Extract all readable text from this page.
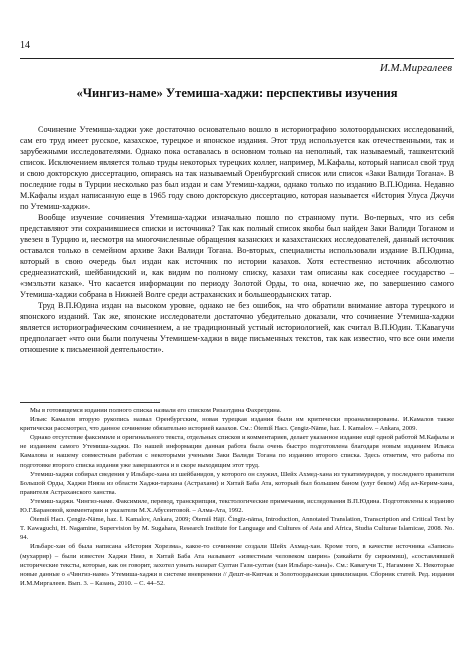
14
И.М.Миргалеев
«Чингиз-наме» Утемиша-хаджи: перспективы изучения

Сочинение Утемиша-хаджи уже достаточно основательно вошло в историографию золотоордынских исследований, сам его труд имеет русское, казахское, турецкое и японское издания. Этот труд используется как отечественными, так и зарубежными исследователями. Однако пока оставалась в основном только на неполный, так называемый, ташкентский список. Исключением является только труды некоторых турецких коллег, например, М.Кафалы, который написал свой труд и свою докторскую диссертацию, опираясь на так называемый Оренбургский список или список «Заки Валиди Тогана». В последние годы в Турции несколько раз был издан и сам Утемиш-хаджи, однако только по изданию В.П.Юдина. Недавно М.Кафалы издал написанную еще в 1965 году свою докторскую диссертацию, которая называется «История Улуса Джучи по Утемиш-хаджи».

Вообще изучение сочинения Утемиша-хаджи изначально пошло по странному пути. Во-первых, что из себя представляют эти сохранившиеся списки и источника? Так как полный список якобы был найден Заки Валиди Тоганом и увезен в Турцию и, несмотря на многочисленные обращения казанских и казахстанских исследователей, данный источник оставался только в семейном архиве Заки Валиди Тогана. Во-вторых, специалисты использовали издание В.П.Юдина, который в свою очередь был издан как источник по истории казахов. Хотя естественно источник абсолютно среднеазиатский, шейбанидский и, как видим по полному списку, казахи там описаны как соседнее государство – «эмэльэти казак». Что касается информации по периоду Золотой Орды, то она, конечно же, по завершению самого Утемиша-хаджи собрана в Нижней Волге среди астраханских и большеордынских татар.

Труд В.П.Юдина издан на высоком уровне, однако не без ошибок, на что обратили внимание автора турецкого и японского изданий. Так же, японские исследователи достаточно убедительно доказали, что сочинение Утемиша-хаджи является историографическим сочинением, а не традиционный устный историологией, как считал В.П.Юдин. Т.Кавагучи предполагает «что они были получены Утемишем-хаджи в виде письменных текстов, так как известно, что все они имели отношение к письменной деятельности».

Мы в готовящемся издании полного списка назвали его списком Ризаэтдина Фахретдина.

Ильяс Камалов вторую рукопись назвал Оренбургским, новая турецкая издания были им критически проанализированы. И.Камалов также критически рассмотрел, что данное сочинение обязательно историей казахов. См.: Ötemiš Hacı. Çengiz-Nāme, haz. İ. Kamalov. – Ankara, 2009.

Однако отсутствие факсимиле и оригинального текста, отдельных списков и комментариев, делает указанное издание ещё одной работой М.Кафалы и не изданием самого Утемиша-хаджи. По нашей информации данная работа была очень быстро подготовлена благодаря новым изданием Ильяса Камалова и нашему совместным работам с некоторыми учеными Заки Валиди Тогана по изданию второго списка. Здесь отметим, что работы по подготовке второго списка издания уже завершаются и в скоре выходящим этот труд.

Утемиш-хаджи собирал сведения у Ильбарс-хана из шейбанидов, у которого он служил, Шейх Ахмед-хана из тукатимуридов, у последнего правителя Большой Орды, Хаджи Нияза из области Хаджи-тархана (Астрахани) и Хитай Баба Ата, который был большим баном (улуг беком) Абд ал-Керим-хана, правителя Астраханского ханства.

Утемиш-хаджи. Чингиз-наме. Факсимиле, перевод, транскрипция, текстологические примечания, исследования В.П.Юдина. Подготовлены к изданию Ю.Г.Барановой, комментарии и указатели М.Х.Абусеитовой. – Алма-Ата, 1992.

Ötemiš Hacı. Çengiz-Nāme, haz. İ. Kamalov, Ankara, 2009; Ötemiš Hājī. Čingīz-nāma, Introduction, Annotated Translation, Transcription and Critical Text by T. Kawaguchi, H. Nagamine, Supervision by M. Sugahara, Research Institute for Language and Cultures of Asia and Africa, Studia Culturae Islamicae, 2008. No. 94.

Ильбарс-хан об была написана «История Хорезма», какое-то сочинение создали Шейх Ахмад-хан. Кроме того, в качестве источника «Записи» (мухаррир) – были известен Хаджи Нияз, в Хитай Баба Ата называют «известным человеком ширин» (хикайати бу сиркимиш), «составлявшей исторические тексты, которые, как он говорит, захотел узнать назарат Султан Гази-султан (хан Ильбарс-хана)». См.: Кавагучи Т., Нагамине Х. Некоторые новые данные о «Чингиз-наме» Утемиша-хаджи в системе вневремени // Дешт-и-Кипчак и Золотоордынская цивилизация. Сборник статей. Ред. издания И.М.Миргалеев. Вып. 3. – Казань, 2010. – С. 44–52.
